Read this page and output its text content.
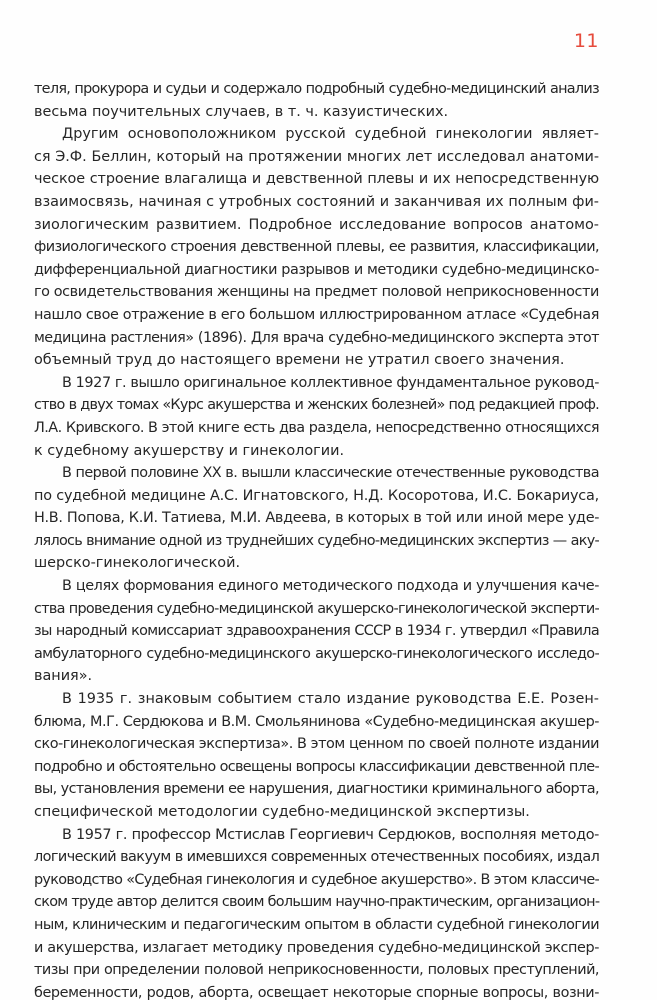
11
теля, прокурора и судьи и содержало подробный судебно-медицинский анализ
весьма поучительных случаев, в т. ч. казуистических.
Другим основоположником русской судебной гинекологии являет-
ся Э.Ф. Беллин, который на протяжении многих лет исследовал анатоми-
ческое строение влагалища и девственной плевы и их непосредственную
взаимосвязь, начиная с утробных состояний и заканчивая их полным фи-
зиологическим развитием. Подробное исследование вопросов анатомо-
физиологического строения девственной плевы, ее развития, классификации,
дифференциальной диагностики разрывов и методики судебно-медицинско-
го освидетельствования женщины на предмет половой неприкосновенности
нашло свое отражение в его большом иллюстрированном атласе «Судебная
медицина растления» (1896). Для врача судебно-медицинского эксперта этот
объемный труд до настоящего времени не утратил своего значения.
В 1927 г. вышло оригинальное коллективное фундаментальное руковод-
ство в двух томах «Курс акушерства и женских болезней» под редакцией проф.
Л.А. Кривского. В этой книге есть два раздела, непосредственно относящихся
к судебному акушерству и гинекологии.
В первой половине XX в. вышли классические отечественные руководства
по судебной медицине А.С. Игнатовского, Н.Д. Косоротова, И.С. Бокариуса,
Н.В. Попова, К.И. Татиева, М.И. Авдеева, в которых в той или иной мере уде-
лялось внимание одной из труднейших судебно-медицинских экспертиз — аку-
шерско-гинекологической.
В целях формования единого методического подхода и улучшения каче-
ства проведения судебно-медицинской акушерско-гинекологической эксперти-
зы народный комиссариат здравоохранения СССР в 1934 г. утвердил «Правила
амбулаторного судебно-медицинского акушерско-гинекологического исследо-
вания».
В 1935 г. знаковым событием стало издание руководства Е.Е. Розен-
блюма, М.Г. Сердюкова и В.М. Смольянинова «Судебно-медицинская акушер-
ско-гинекологическая экспертиза». В этом ценном по своей полноте издании
подробно и обстоятельно освещены вопросы классификации девственной пле-
вы, установления времени ее нарушения, диагностики криминального аборта,
специфической методологии судебно-медицинской экспертизы.
В 1957 г. профессор Мстислав Георгиевич Сердюков, восполняя методо-
логический вакуум в имевшихся современных отечественных пособиях, издал
руководство «Судебная гинекология и судебное акушерство». В этом классиче-
ском труде автор делится своим большим научно-практическим, организацион-
ным, клиническим и педагогическим опытом в области судебной гинекологии
и акушерства, излагает методику проведения судебно-медицинской экспер-
тизы при определении половой неприкосновенности, половых преступлений,
беременности, родов, аборта, освещает некоторые спорные вопросы, возни-
